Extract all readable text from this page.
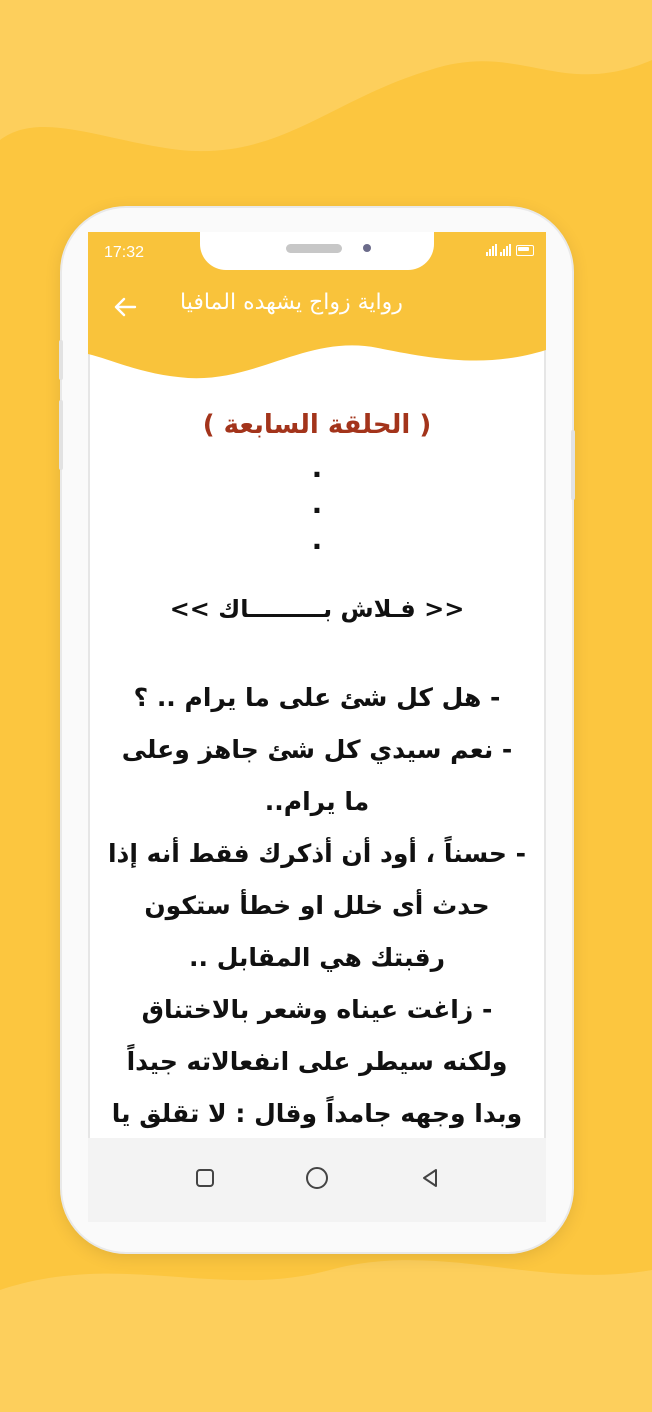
17:32
رواية زواج يشهده المافيا
( الحلقة السابعة )
.
.
.
<< فـلاش بـــــــــاك >>
- هل كل شئ على ما يرام .. ؟
- نعم سيدي كل شئ جاهز وعلى ما يرام..
- حسناً ، أود أن أذكرك فقط أنه إذا حدث أى خلل او خطأ ستكون رقبتك هي المقابل ..
- زاغت عيناه وشعر بالاختناق ولكنه سيطر على انفعالاته جيداً وبدا وجهه جامداً وقال : لا تقلق يا
